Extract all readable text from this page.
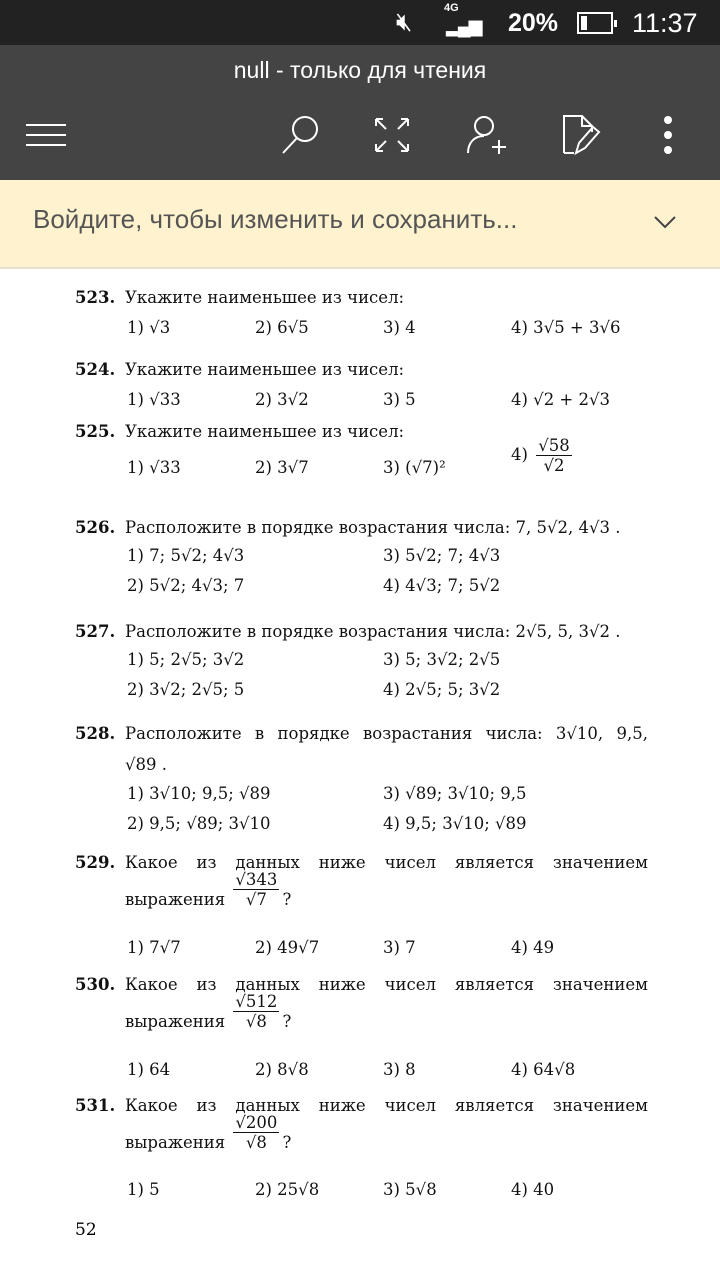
🔇︎	4G
▂▄▆ 20%	11:37
null - только для чтения
Войдите, чтобы изменить и сохранить...
523. Укажите наименьшее из чисел:
1) √3	2) 6√5	3) 4	4) 3√5 + 3√6
524. Укажите наименьшее из чисел:
1) √33	2) 3√2	3) 5	4) √2 + 2√3
525. Укажите наименьшее из чисел:
1) √33	2) 3√7	3) (√7)²
$4) \frac{√58}{√2}$
526. Расположите в порядке возрастания числа: 7, 5√2, 4√3 .
1) 7; 5√2; 4√3
2) 5√2; 4√3; 7
3) 5√2; 7; 4√3
4) 4√3; 7; 5√2
527. Расположите в порядке возрастания числа: 2√5, 5, 3√2 .
1) 5; 2√5; 3√2
2) 3√2; 2√5; 5
3) 5; 3√2; 2√5
4) 2√5; 5; 3√2
528. Расположите в порядке возрастания числа: 3√10, 9,5,
√89 .
1) 3√10; 9,5; √89
2) 9,5; √89; 3√10
3) √89; 3√10; 9,5
4) 9,5; 3√10; √89
529. Какое из данных ниже чисел является значением
выражения $\frac{√343}{√7}$ ?
1) 7√7	2) 49√7	3) 7	4) 49
530. Какое из данных ниже чисел является значением
выражения $\frac{√512}{√8}$ ?
1) 64	2) 8√8	3) 8	4) 64√8
531. Какое из данных ниже чисел является значением
выражения $\frac{√200}{√8}$ ?
1) 5	2) 25√8	3) 5√8	4) 40
52
